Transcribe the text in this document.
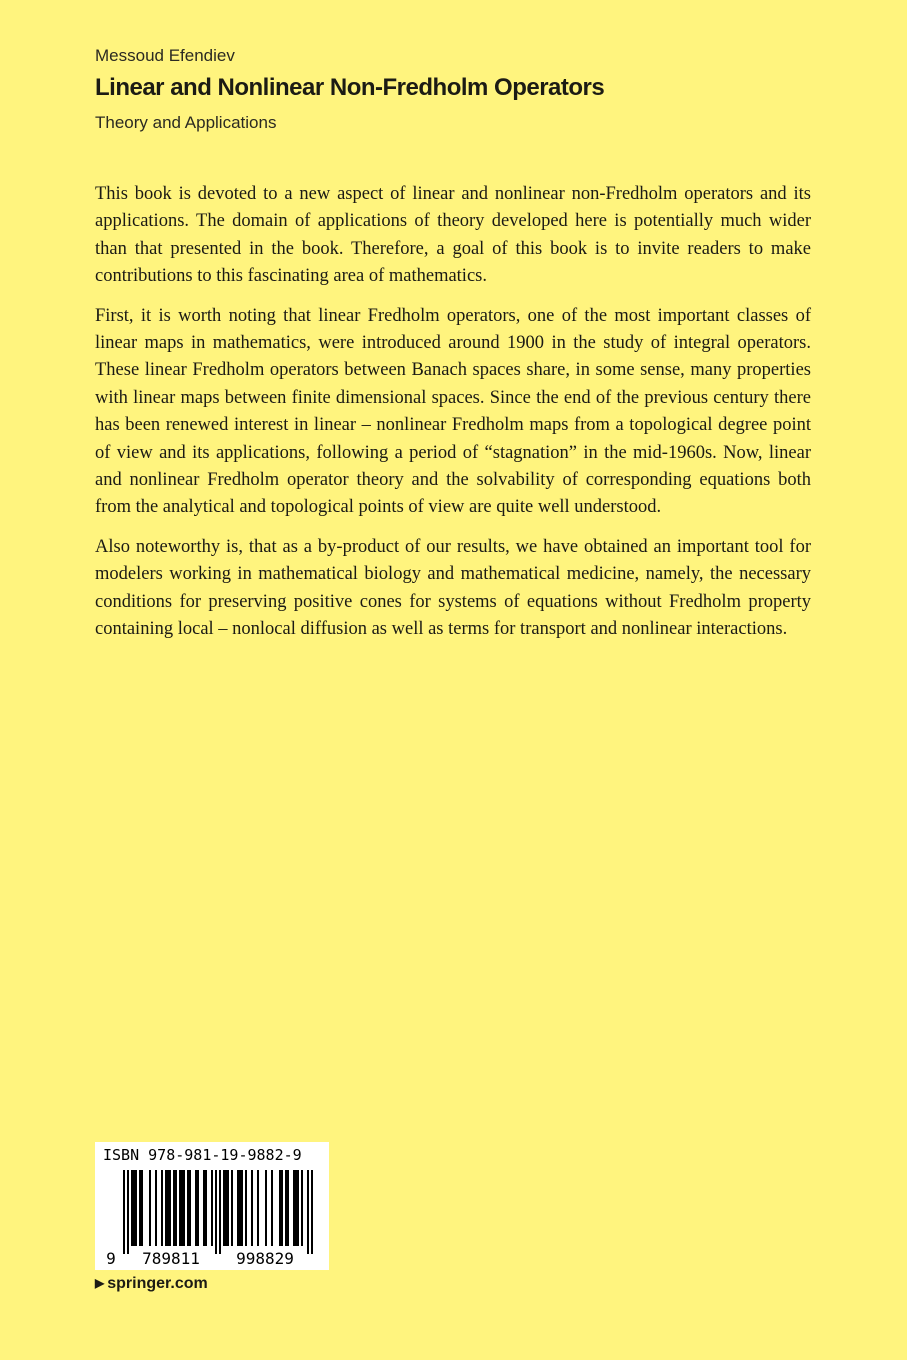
Messoud Efendiev
Linear and Nonlinear Non-Fredholm Operators
Theory and Applications

This book is devoted to a new aspect of linear and nonlinear non-Fredholm operators and its applications. The domain of applications of theory developed here is potentially much wider than that presented in the book. Therefore, a goal of this book is to invite readers to make contributions to this fascinating area of mathematics.

First, it is worth noting that linear Fredholm operators, one of the most important classes of linear maps in mathematics, were introduced around 1900 in the study of integral operators. These linear Fredholm operators between Banach spaces share, in some sense, many properties with linear maps between finite dimensional spaces. Since the end of the previous century there has been renewed interest in linear – nonlinear Fredholm maps from a topological degree point of view and its applications, following a period of “stagnation” in the mid-1960s. Now, linear and nonlinear Fredholm operator theory and the solvability of corresponding equations both from the analytical and topological points of view are quite well understood.

Also noteworthy is, that as a by-product of our results, we have obtained an important tool for modelers working in mathematical biology and mathematical medicine, namely, the necessary conditions for preserving positive cones for systems of equations without Fredholm property containing local – nonlocal diffusion as well as terms for transport and nonlinear interactions.

ISBN 978-981-19-9882-9
9 789811 998829
▶ springer.com
